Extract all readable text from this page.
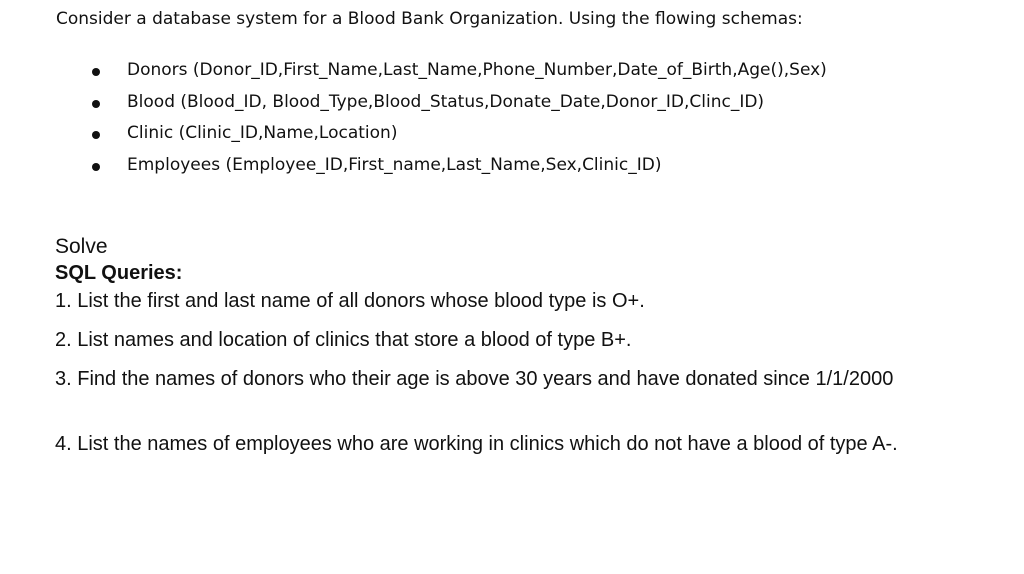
Consider a database system for a Blood Bank Organization. Using the flowing schemas:
Donors (Donor_ID,First_Name,Last_Name,Phone_Number,Date_of_Birth,Age(),Sex)
Blood (Blood_ID, Blood_Type,Blood_Status,Donate_Date,Donor_ID,Clinc_ID)
Clinic (Clinic_ID,Name,Location)
Employees (Employee_ID,First_name,Last_Name,Sex,Clinic_ID)
Solve
SQL Queries:
1. List the first and last name of all donors whose blood type is O+.
2. List names and location of clinics that store a blood of type B+.
3. Find the names of donors who their age is above 30 years and have donated since 1/1/2000
4. List the names of employees who are working in clinics which do not have a blood of type A-.
